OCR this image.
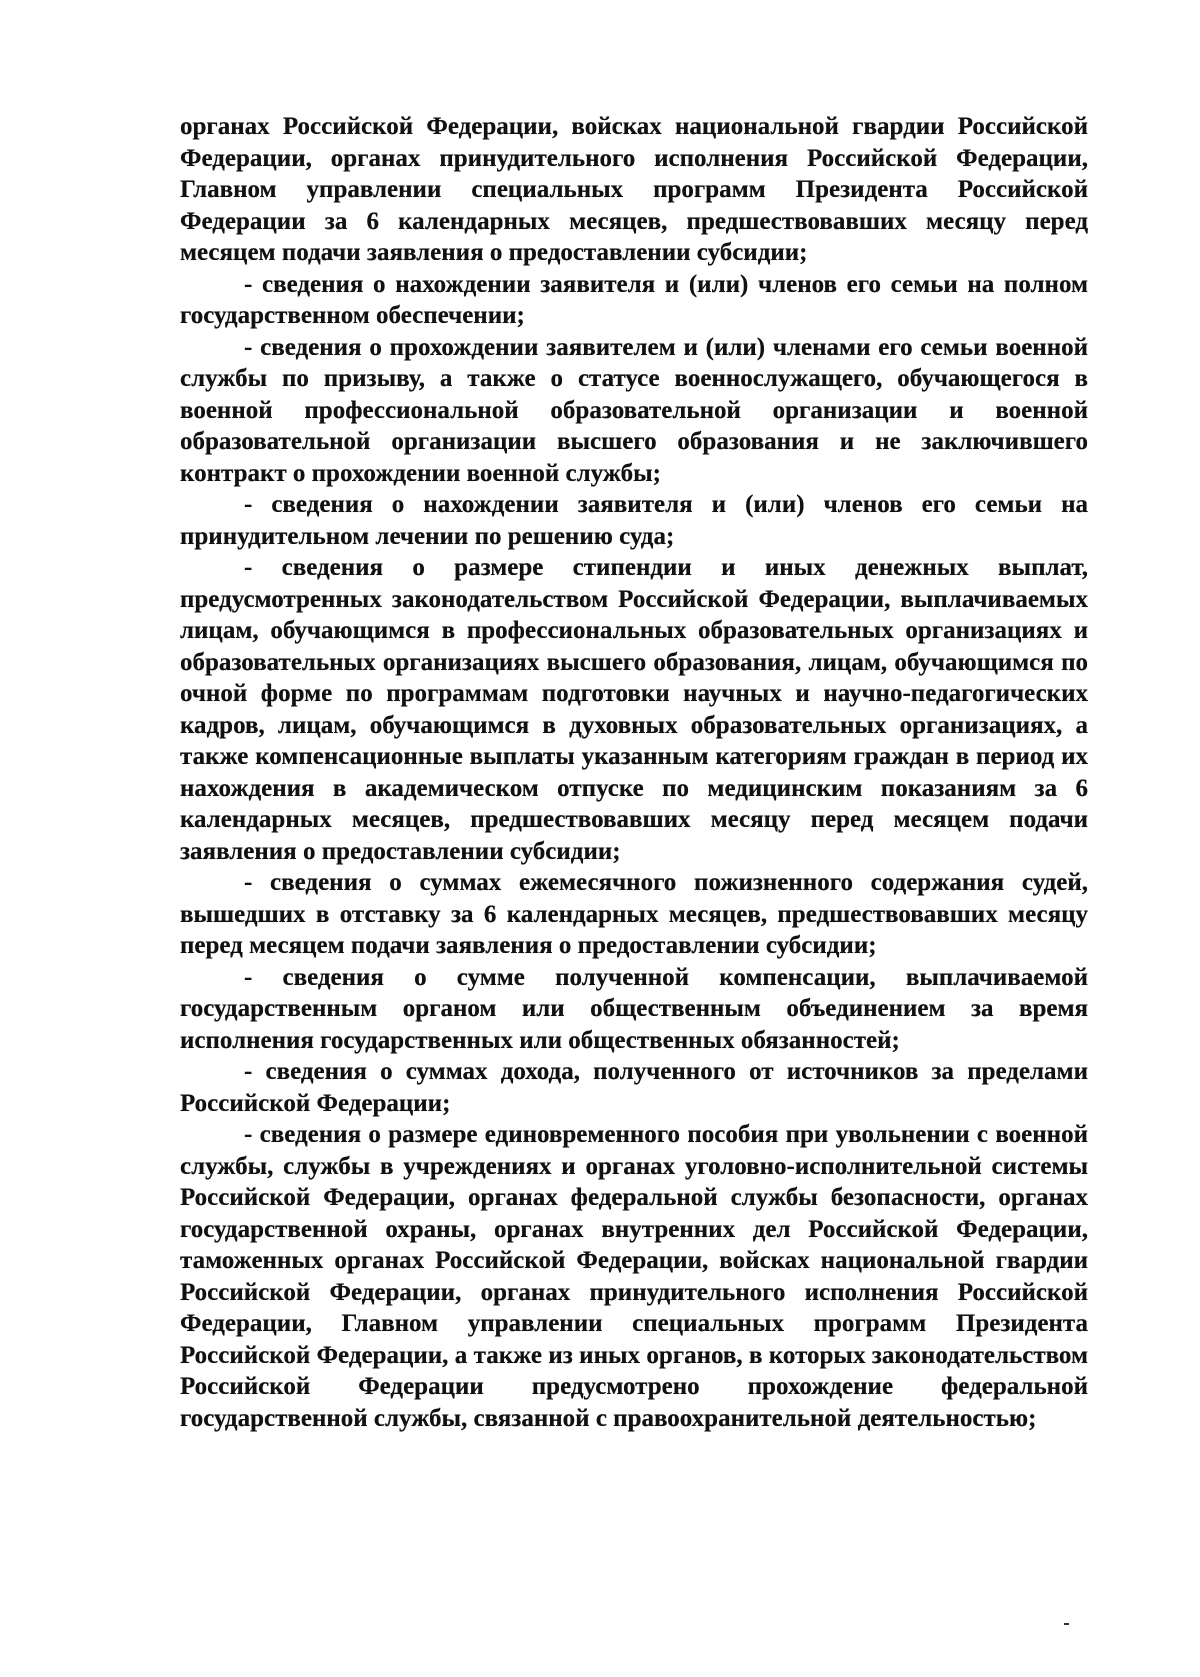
органах Российской Федерации, войсках национальной гвардии Российской Федерации, органах принудительного исполнения Российской Федерации, Главном управлении специальных программ Президента Российской Федерации за 6 календарных месяцев, предшествовавших месяцу перед месяцем подачи заявления о предоставлении субсидии;

- сведения о нахождении заявителя и (или) членов его семьи на полном государственном обеспечении;

- сведения о прохождении заявителем и (или) членами его семьи военной службы по призыву, а также о статусе военнослужащего, обучающегося в военной профессиональной образовательной организации и военной образовательной организации высшего образования и не заключившего контракт о прохождении военной службы;

- сведения о нахождении заявителя и (или) членов его семьи на принудительном лечении по решению суда;

- сведения о размере стипендии и иных денежных выплат, предусмотренных законодательством Российской Федерации, выплачиваемых лицам, обучающимся в профессиональных образовательных организациях и образовательных организациях высшего образования, лицам, обучающимся по очной форме по программам подготовки научных и научно-педагогических кадров, лицам, обучающимся в духовных образовательных организациях, а также компенсационные выплаты указанным категориям граждан в период их нахождения в академическом отпуске по медицинским показаниям за 6 календарных месяцев, предшествовавших месяцу перед месяцем подачи заявления о предоставлении субсидии;

- сведения о суммах ежемесячного пожизненного содержания судей, вышедших в отставку за 6 календарных месяцев, предшествовавших месяцу перед месяцем подачи заявления о предоставлении субсидии;

- сведения о сумме полученной компенсации, выплачиваемой государственным органом или общественным объединением за время исполнения государственных или общественных обязанностей;

- сведения о суммах дохода, полученного от источников за пределами Российской Федерации;

- сведения о размере единовременного пособия при увольнении с военной службы, службы в учреждениях и органах уголовно-исполнительной системы Российской Федерации, органах федеральной службы безопасности, органах государственной охраны, органах внутренних дел Российской Федерации, таможенных органах Российской Федерации, войсках национальной гвардии Российской Федерации, органах принудительного исполнения Российской Федерации, Главном управлении специальных программ Президента Российской Федерации, а также из иных органов, в которых законодательством Российской Федерации предусмотрено прохождение федеральной государственной службы, связанной с правоохранительной деятельностью;
